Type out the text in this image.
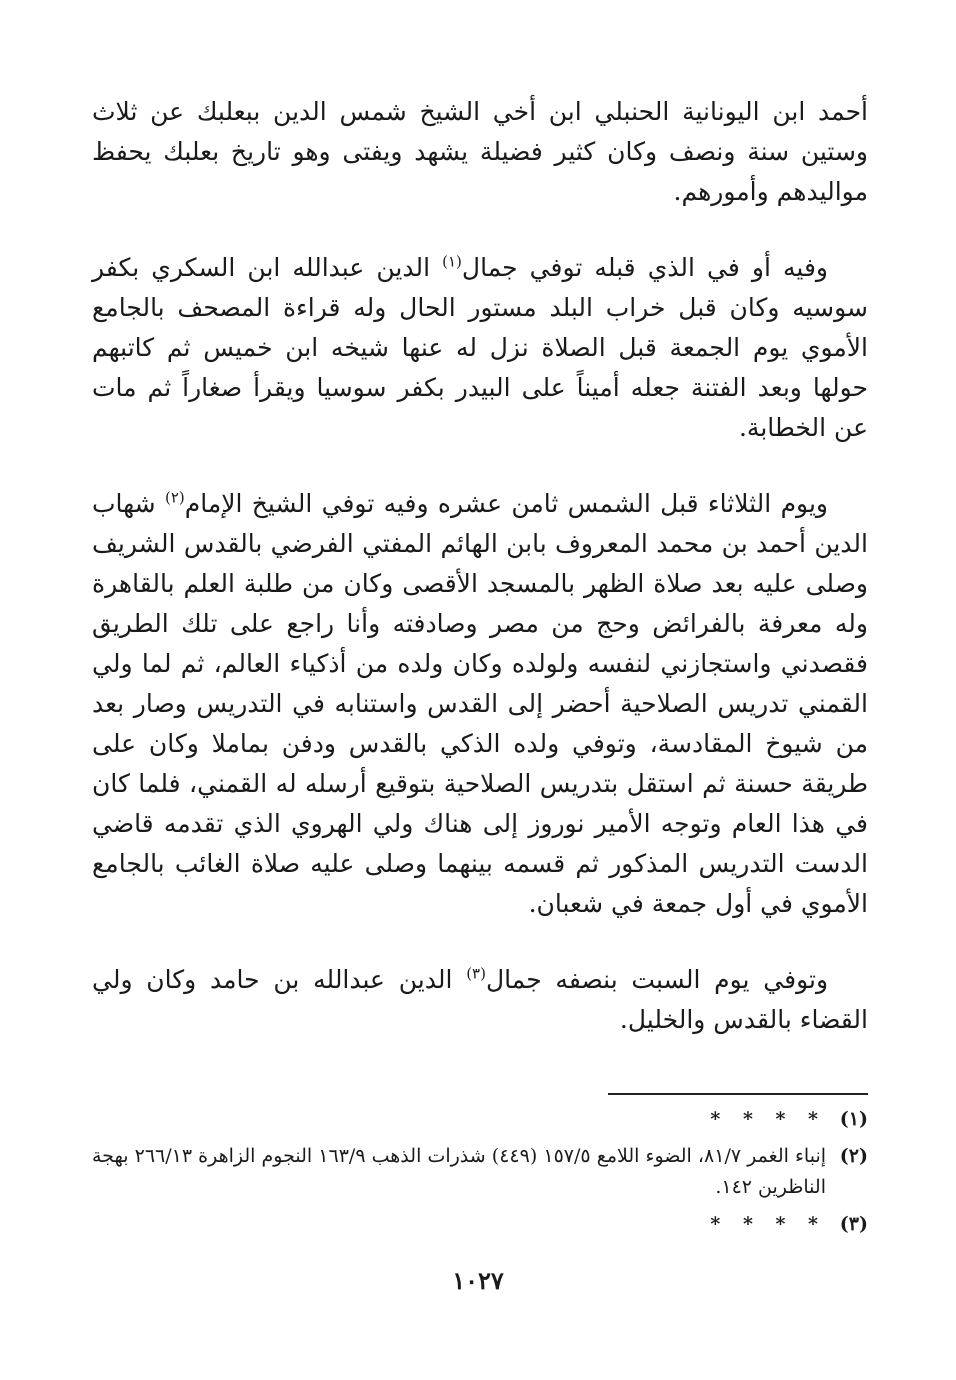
أحمد ابن اليونانية الحنبلي ابن أخي الشيخ شمس الدين ببعلبك عن ثلاث وستين سنة ونصف وكان كثير فضيلة يشهد ويفتى وهو تاريخ بعلبك يحفظ مواليدهم وأمورهم.

وفيه أو في الذي قبله توفي جمال$^{(١)}$ الدين عبدالله ابن السكري بكفر سوسيه وكان قبل خراب البلد مستور الحال وله قراءة المصحف بالجامع الأموي يوم الجمعة قبل الصلاة نزل له عنها شيخه ابن خميس ثم كاتبهم حولها وبعد الفتنة جعله أميناً على البيدر بكفر سوسيا ويقرأ صغاراً ثم مات عن الخطابة.

ويوم الثلاثاء قبل الشمس ثامن عشره وفيه توفي الشيخ الإمام$^{(٢)}$ شهاب الدين أحمد بن محمد المعروف بابن الهائم المفتي الفرضي بالقدس الشريف وصلى عليه بعد صلاة الظهر بالمسجد الأقصى وكان من طلبة العلم بالقاهرة وله معرفة بالفرائض وحج من مصر وصادفته وأنا راجع على تلك الطريق فقصدني واستجازني لنفسه ولولده وكان ولده من أذكياء العالم، ثم لما ولي القمني تدريس الصلاحية أحضر إلى القدس واستنابه في التدريس وصار بعد من شيوخ المقادسة، وتوفي ولده الذكي بالقدس ودفن بماملا وكان على طريقة حسنة ثم استقل بتدريس الصلاحية بتوقيع أرسله له القمني، فلما كان في هذا العام وتوجه الأمير نوروز إلى هناك ولي الهروي الذي تقدمه قاضي الدست التدريس المذكور ثم قسمه بينهما وصلى عليه صلاة الغائب بالجامع الأموي في أول جمعة في شعبان.

وتوفي يوم السبت بنصفه جمال$^{(٣)}$ الدين عبدالله بن حامد وكان ولي القضاء بالقدس والخليل.

(١)
* * * *
(٢)
إنباء الغمر ٨١/٧، الضوء اللامع ١٥٧/٥ (٤٤٩) شذرات الذهب ١٦٣/٩ النجوم الزاهرة ٢٦٦/١٣ بهجة الناظرين ١٤٢.
(٣)
* * * *
١٠٢٧
